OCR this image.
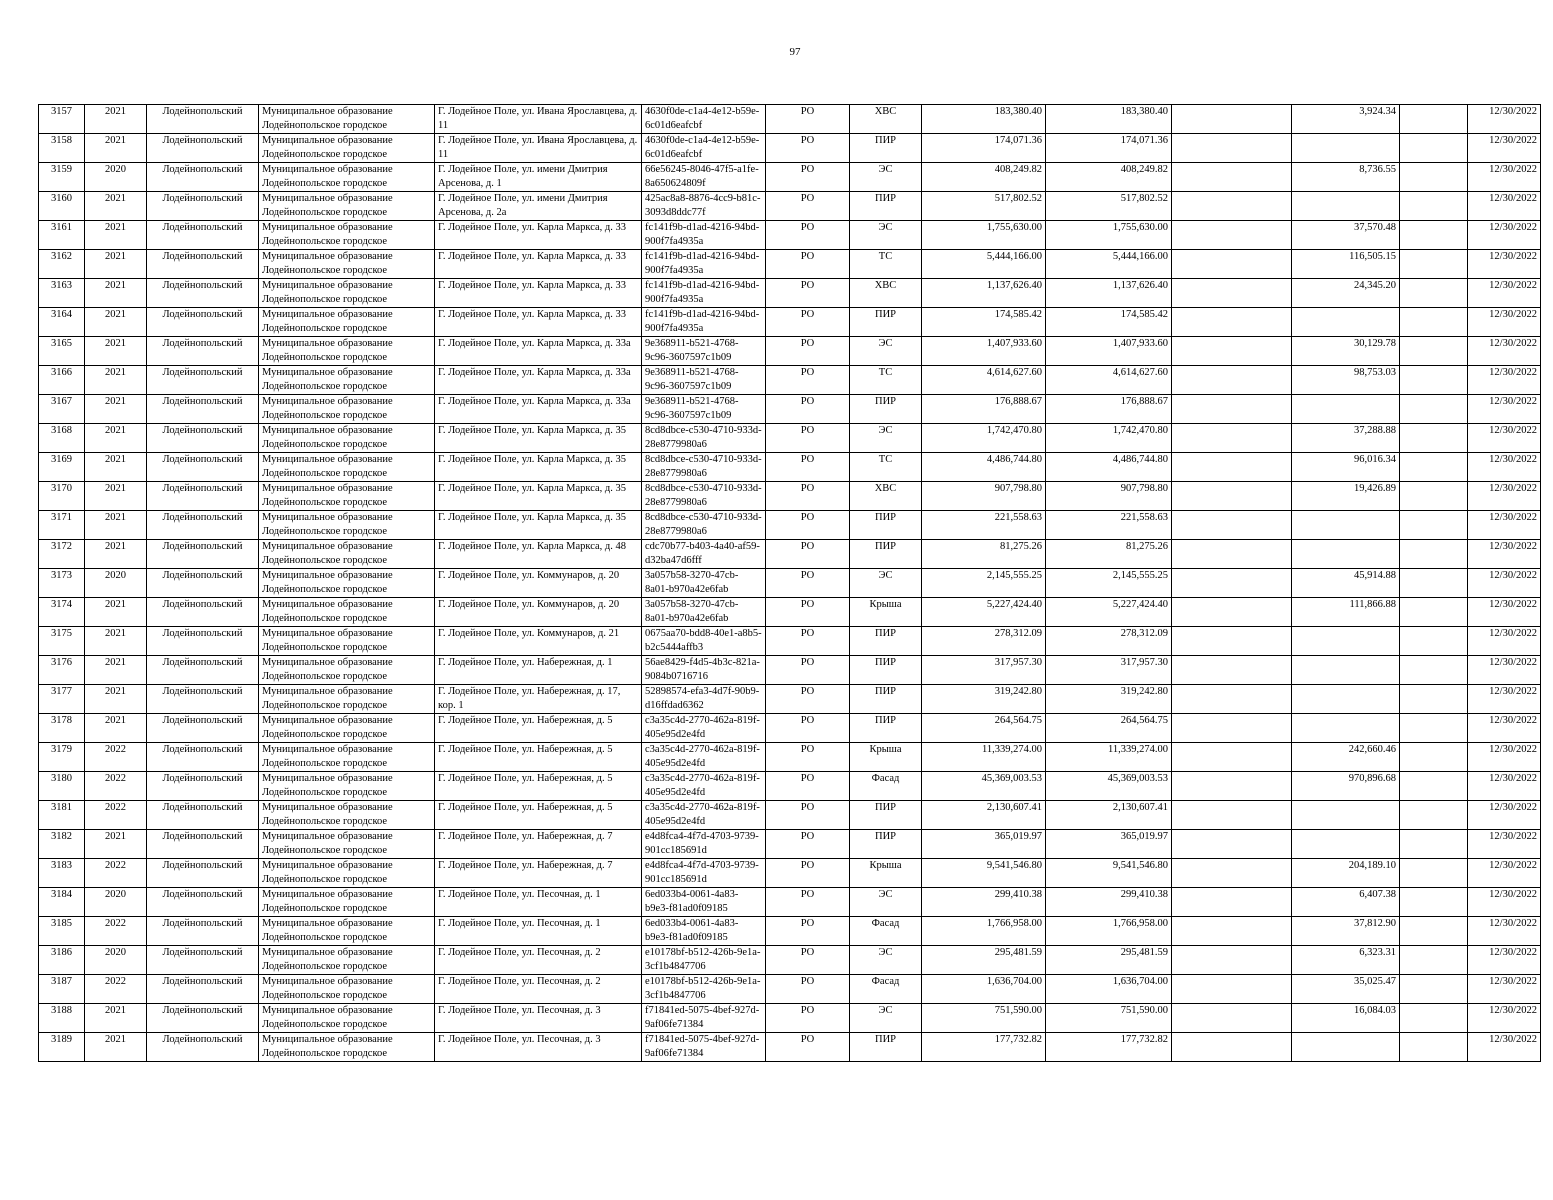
97
3157	2021	Лодейнопольский	Муниципальное образование Лодейнопольское городское	Г. Лодейное Поле, ул. Ивана Ярославцева, д. 11	4630f0de-c1a4-4e12-b59e-6c01d6eafcbf	РО	ХВС	183,380.40	183,380.40		3,924.34		12/30/2022
3158	2021	Лодейнопольский	Муниципальное образование Лодейнопольское городское	Г. Лодейное Поле, ул. Ивана Ярославцева, д. 11	4630f0de-c1a4-4e12-b59e-6c01d6eafcbf	РО	ПИР	174,071.36	174,071.36				12/30/2022
3159	2020	Лодейнопольский	Муниципальное образование Лодейнопольское городское	Г. Лодейное Поле, ул. имени Дмитрия Арсенова, д. 1	66e56245-8046-47f5-a1fe-8a650624809f	РО	ЭС	408,249.82	408,249.82		8,736.55		12/30/2022
3160	2021	Лодейнопольский	Муниципальное образование Лодейнопольское городское	Г. Лодейное Поле, ул. имени Дмитрия Арсенова, д. 2а	425ac8a8-8876-4cc9-b81c-3093d8ddc77f	РО	ПИР	517,802.52	517,802.52				12/30/2022
3161	2021	Лодейнопольский	Муниципальное образование Лодейнопольское городское	Г. Лодейное Поле, ул. Карла Маркса, д. 33	fc141f9b-d1ad-4216-94bd-900f7fa4935a	РО	ЭС	1,755,630.00	1,755,630.00		37,570.48		12/30/2022
3162	2021	Лодейнопольский	Муниципальное образование Лодейнопольское городское	Г. Лодейное Поле, ул. Карла Маркса, д. 33	fc141f9b-d1ad-4216-94bd-900f7fa4935a	РО	ТС	5,444,166.00	5,444,166.00		116,505.15		12/30/2022
3163	2021	Лодейнопольский	Муниципальное образование Лодейнопольское городское	Г. Лодейное Поле, ул. Карла Маркса, д. 33	fc141f9b-d1ad-4216-94bd-900f7fa4935a	РО	ХВС	1,137,626.40	1,137,626.40		24,345.20		12/30/2022
3164	2021	Лодейнопольский	Муниципальное образование Лодейнопольское городское	Г. Лодейное Поле, ул. Карла Маркса, д. 33	fc141f9b-d1ad-4216-94bd-900f7fa4935a	РО	ПИР	174,585.42	174,585.42				12/30/2022
3165	2021	Лодейнопольский	Муниципальное образование Лодейнопольское городское	Г. Лодейное Поле, ул. Карла Маркса, д. 33а	9e368911-b521-4768-9c96-3607597c1b09	РО	ЭС	1,407,933.60	1,407,933.60		30,129.78		12/30/2022
3166	2021	Лодейнопольский	Муниципальное образование Лодейнопольское городское	Г. Лодейное Поле, ул. Карла Маркса, д. 33а	9e368911-b521-4768-9c96-3607597c1b09	РО	ТС	4,614,627.60	4,614,627.60		98,753.03		12/30/2022
3167	2021	Лодейнопольский	Муниципальное образование Лодейнопольское городское	Г. Лодейное Поле, ул. Карла Маркса, д. 33а	9e368911-b521-4768-9c96-3607597c1b09	РО	ПИР	176,888.67	176,888.67				12/30/2022
3168	2021	Лодейнопольский	Муниципальное образование Лодейнопольское городское	Г. Лодейное Поле, ул. Карла Маркса, д. 35	8cd8dbce-c530-4710-933d-28e8779980a6	РО	ЭС	1,742,470.80	1,742,470.80		37,288.88		12/30/2022
3169	2021	Лодейнопольский	Муниципальное образование Лодейнопольское городское	Г. Лодейное Поле, ул. Карла Маркса, д. 35	8cd8dbce-c530-4710-933d-28e8779980a6	РО	ТС	4,486,744.80	4,486,744.80		96,016.34		12/30/2022
3170	2021	Лодейнопольский	Муниципальное образование Лодейнопольское городское	Г. Лодейное Поле, ул. Карла Маркса, д. 35	8cd8dbce-c530-4710-933d-28e8779980a6	РО	ХВС	907,798.80	907,798.80		19,426.89		12/30/2022
3171	2021	Лодейнопольский	Муниципальное образование Лодейнопольское городское	Г. Лодейное Поле, ул. Карла Маркса, д. 35	8cd8dbce-c530-4710-933d-28e8779980a6	РО	ПИР	221,558.63	221,558.63				12/30/2022
3172	2021	Лодейнопольский	Муниципальное образование Лодейнопольское городское	Г. Лодейное Поле, ул. Карла Маркса, д. 48	cdc70b77-b403-4a40-af59-d32ba47d6fff	РО	ПИР	81,275.26	81,275.26				12/30/2022
3173	2020	Лодейнопольский	Муниципальное образование Лодейнопольское городское	Г. Лодейное Поле, ул. Коммунаров, д. 20	3a057b58-3270-47cb-8a01-b970a42e6fab	РО	ЭС	2,145,555.25	2,145,555.25		45,914.88		12/30/2022
3174	2021	Лодейнопольский	Муниципальное образование Лодейнопольское городское	Г. Лодейное Поле, ул. Коммунаров, д. 20	3a057b58-3270-47cb-8a01-b970a42e6fab	РО	Крыша	5,227,424.40	5,227,424.40		111,866.88		12/30/2022
3175	2021	Лодейнопольский	Муниципальное образование Лодейнопольское городское	Г. Лодейное Поле, ул. Коммунаров, д. 21	0675aa70-bdd8-40e1-a8b5-b2c5444affb3	РО	ПИР	278,312.09	278,312.09				12/30/2022
3176	2021	Лодейнопольский	Муниципальное образование Лодейнопольское городское	Г. Лодейное Поле, ул. Набережная, д. 1	56ae8429-f4d5-4b3c-821a-9084b0716716	РО	ПИР	317,957.30	317,957.30				12/30/2022
3177	2021	Лодейнопольский	Муниципальное образование Лодейнопольское городское	Г. Лодейное Поле, ул. Набережная, д. 17, кор. 1	52898574-efa3-4d7f-90b9-d16ffdad6362	РО	ПИР	319,242.80	319,242.80				12/30/2022
3178	2021	Лодейнопольский	Муниципальное образование Лодейнопольское городское	Г. Лодейное Поле, ул. Набережная, д. 5	c3a35c4d-2770-462a-819f-405e95d2e4fd	РО	ПИР	264,564.75	264,564.75				12/30/2022
3179	2022	Лодейнопольский	Муниципальное образование Лодейнопольское городское	Г. Лодейное Поле, ул. Набережная, д. 5	c3a35c4d-2770-462a-819f-405e95d2e4fd	РО	Крыша	11,339,274.00	11,339,274.00		242,660.46		12/30/2022
3180	2022	Лодейнопольский	Муниципальное образование Лодейнопольское городское	Г. Лодейное Поле, ул. Набережная, д. 5	c3a35c4d-2770-462a-819f-405e95d2e4fd	РО	Фасад	45,369,003.53	45,369,003.53		970,896.68		12/30/2022
3181	2022	Лодейнопольский	Муниципальное образование Лодейнопольское городское	Г. Лодейное Поле, ул. Набережная, д. 5	c3a35c4d-2770-462a-819f-405e95d2e4fd	РО	ПИР	2,130,607.41	2,130,607.41				12/30/2022
3182	2021	Лодейнопольский	Муниципальное образование Лодейнопольское городское	Г. Лодейное Поле, ул. Набережная, д. 7	e4d8fca4-4f7d-4703-9739-901cc185691d	РО	ПИР	365,019.97	365,019.97				12/30/2022
3183	2022	Лодейнопольский	Муниципальное образование Лодейнопольское городское	Г. Лодейное Поле, ул. Набережная, д. 7	e4d8fca4-4f7d-4703-9739-901cc185691d	РО	Крыша	9,541,546.80	9,541,546.80		204,189.10		12/30/2022
3184	2020	Лодейнопольский	Муниципальное образование Лодейнопольское городское	Г. Лодейное Поле, ул. Песочная, д. 1	6ed033b4-0061-4a83-b9e3-f81ad0f09185	РО	ЭС	299,410.38	299,410.38		6,407.38		12/30/2022
3185	2022	Лодейнопольский	Муниципальное образование Лодейнопольское городское	Г. Лодейное Поле, ул. Песочная, д. 1	6ed033b4-0061-4a83-b9e3-f81ad0f09185	РО	Фасад	1,766,958.00	1,766,958.00		37,812.90		12/30/2022
3186	2020	Лодейнопольский	Муниципальное образование Лодейнопольское городское	Г. Лодейное Поле, ул. Песочная, д. 2	e10178bf-b512-426b-9e1a-3cf1b4847706	РО	ЭС	295,481.59	295,481.59		6,323.31		12/30/2022
3187	2022	Лодейнопольский	Муниципальное образование Лодейнопольское городское	Г. Лодейное Поле, ул. Песочная, д. 2	e10178bf-b512-426b-9e1a-3cf1b4847706	РО	Фасад	1,636,704.00	1,636,704.00		35,025.47		12/30/2022
3188	2021	Лодейнопольский	Муниципальное образование Лодейнопольское городское	Г. Лодейное Поле, ул. Песочная, д. 3	f71841ed-5075-4bef-927d-9af06fe71384	РО	ЭС	751,590.00	751,590.00		16,084.03		12/30/2022
3189	2021	Лодейнопольский	Муниципальное образование Лодейнопольское городское	Г. Лодейное Поле, ул. Песочная, д. 3	f71841ed-5075-4bef-927d-9af06fe71384	РО	ПИР	177,732.82	177,732.82				12/30/2022
